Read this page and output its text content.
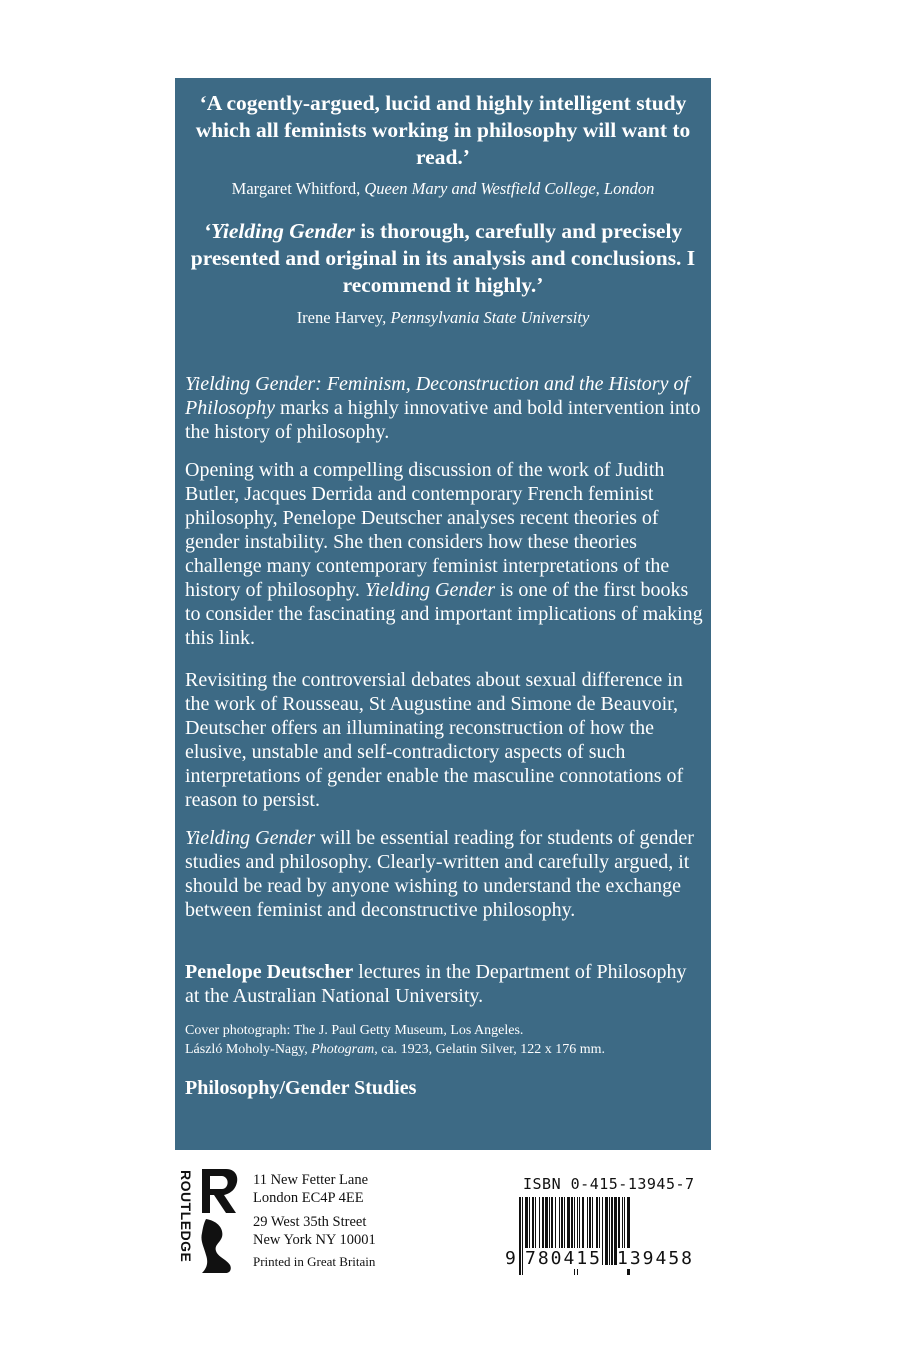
‘A cogently-argued, lucid and highly intelligent study which all feminists working in philosophy will want to read.’
Margaret Whitford, Queen Mary and Westfield College, London
‘Yielding Gender is thorough, carefully and precisely presented and original in its analysis and conclusions. I recommend it highly.’
Irene Harvey, Pennsylvania State University
Yielding Gender: Feminism, Deconstruction and the History of Philosophy marks a highly innovative and bold intervention into the history of philosophy.
Opening with a compelling discussion of the work of Judith Butler, Jacques Derrida and contemporary French feminist philosophy, Penelope Deutscher analyses recent theories of gender instability. She then considers how these theories challenge many contemporary feminist interpretations of the history of philosophy. Yielding Gender is one of the first books to consider the fascinating and important implications of making this link.
Revisiting the controversial debates about sexual difference in the work of Rousseau, St Augustine and Simone de Beauvoir, Deutscher offers an illuminating reconstruction of how the elusive, unstable and self-contradictory aspects of such interpretations of gender enable the masculine connotations of reason to persist.
Yielding Gender will be essential reading for students of gender studies and philosophy. Clearly-written and carefully argued, it should be read by anyone wishing to understand the exchange between feminist and deconstructive philosophy.
Penelope Deutscher lectures in the Department of Philosophy at the Australian National University.
Cover photograph: The J. Paul Getty Museum, Los Angeles.
László Moholy-Nagy, Photogram, ca. 1923, Gelatin Silver, 122 x 176 mm.
Philosophy/Gender Studies
ROUTLEDGE	11 New Fetter Lane
London EC4P 4EE
29 West 35th Street
New York NY 10001
Printed in Great Britain
ISBN 0-415-13945-7
9 780415 139458
